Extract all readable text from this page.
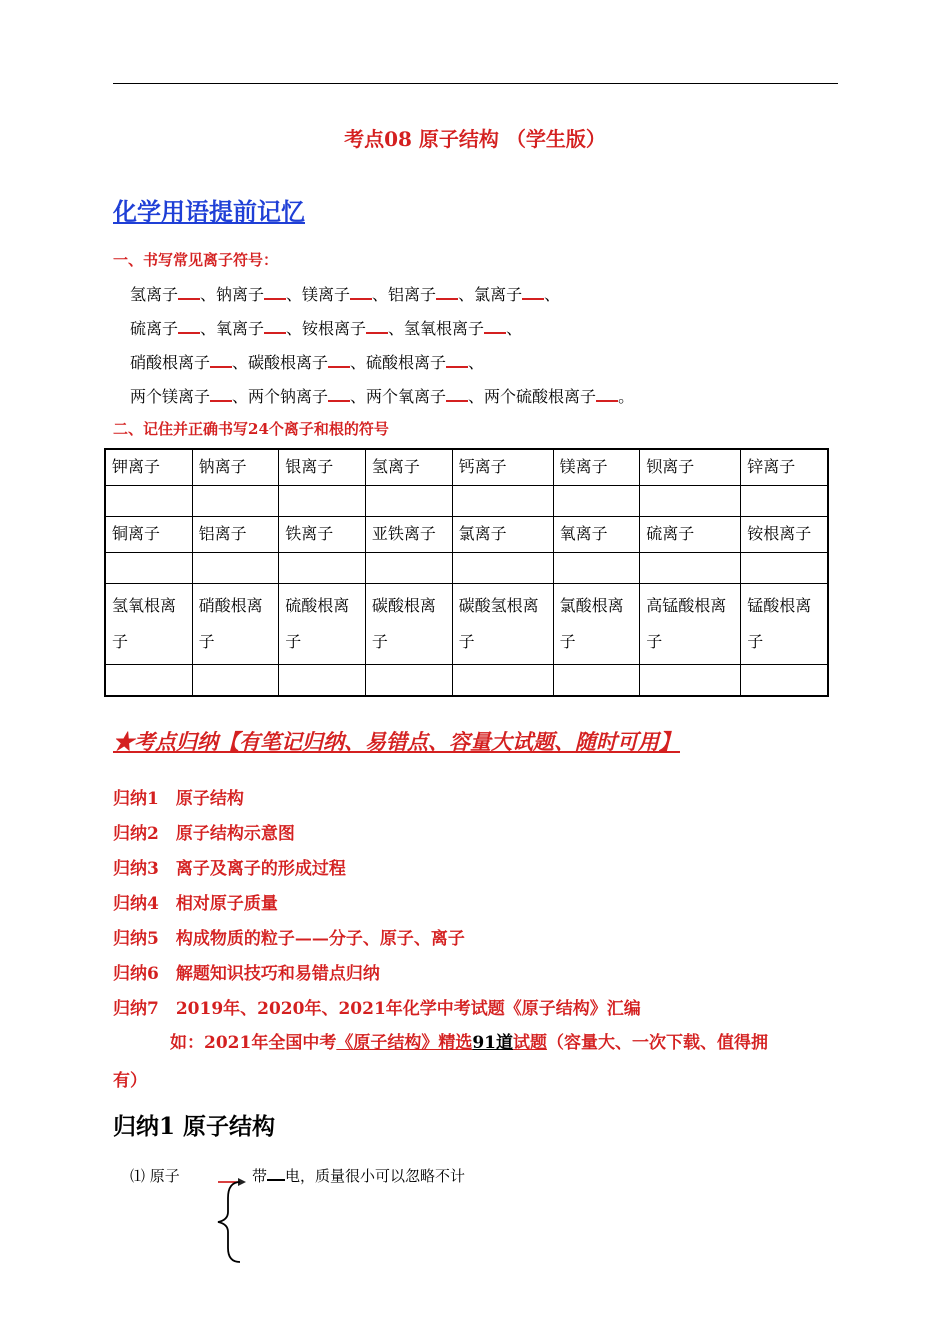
考点08 原子结构 （学生版）
化学用语提前记忆
一、书写常见离子符号：
氢离子 、钠离子 、镁离子 、铝离子 、氯离子 、
硫离子 、氧离子 、铵根离子 、氢氧根离子 、
硝酸根离子 、碳酸根离子 、硫酸根离子 、
两个镁离子 、两个钠离子 、两个氧离子 、两个硫酸根离子 。
二、记住并正确书写24个离子和根的符号
钾离子	钠离子	银离子	氢离子	钙离子	镁离子	钡离子	锌离子

铜离子	铝离子	铁离子	亚铁离子	氯离子	氧离子	硫离子	铵根离子

氢氧根离子	硝酸根离子	硫酸根离子	碳酸根离子	碳酸氢根离子	氯酸根离子	高锰酸根离子	锰酸根离子

★考点归纳【有笔记归纳、易错点、容量大试题、随时可用】
归纳1　原子结构
归纳2　原子结构示意图
归纳3　离子及离子的形成过程
归纳4　相对原子质量
归纳5　构成物质的粒子——分子、原子、离子
归纳6　解题知识技巧和易错点归纳
归纳7　2019年、2020年、2021年化学中考试题《原子结构》汇编
如：2021年全国中考《原子结构》精选91道试题（容量大、一次下载、值得拥
有）
归纳1 原子结构
⑴ 原子	带 电，质量很小可以忽略不计
